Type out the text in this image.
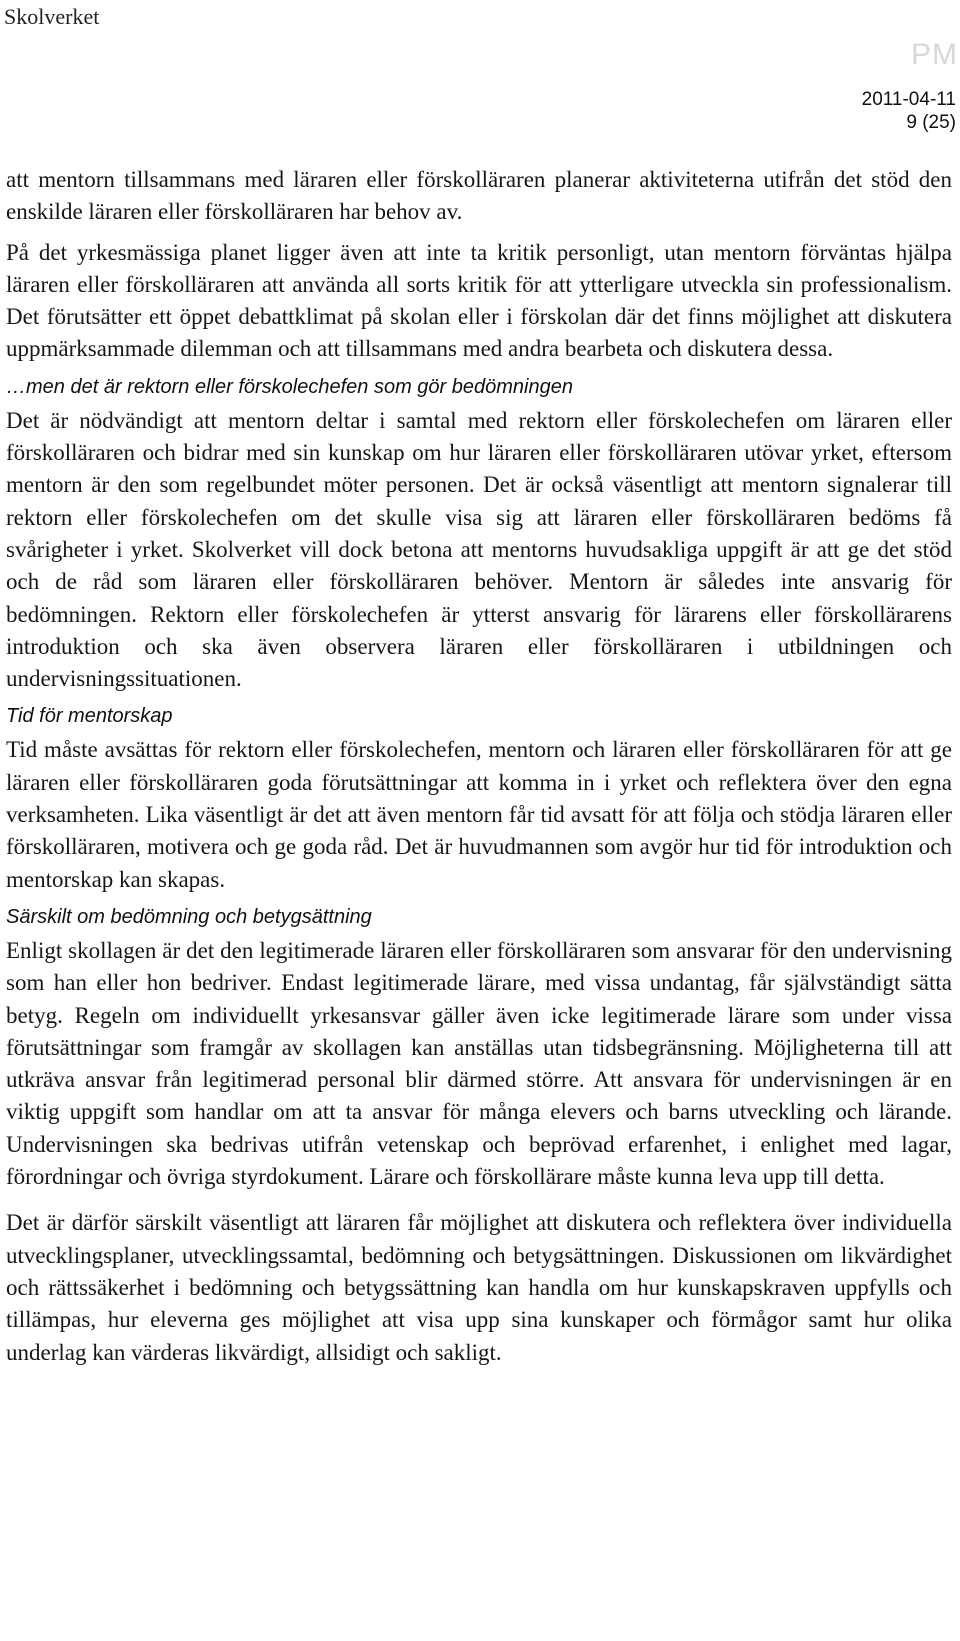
Skolverket
PM
2011-04-11
9 (25)

att mentorn tillsammans med läraren eller förskolläraren planerar aktiviteterna utifrån det stöd den enskilde läraren eller förskolläraren har behov av.

På det yrkesmässiga planet ligger även att inte ta kritik personligt, utan mentorn förväntas hjälpa läraren eller förskolläraren att använda all sorts kritik för att ytterligare utveckla sin professionalism. Det förutsätter ett öppet debattklimat på skolan eller i förskolan där det finns möjlighet att diskutera uppmärksammade dilemman och att tillsammans med andra bearbeta och diskutera dessa.

…men det är rektorn eller förskolechefen som gör bedömningen

Det är nödvändigt att mentorn deltar i samtal med rektorn eller förskolechefen om läraren eller förskolläraren och bidrar med sin kunskap om hur läraren eller förskolläraren utövar yrket, eftersom mentorn är den som regelbundet möter personen. Det är också väsentligt att mentorn signalerar till rektorn eller förskolechefen om det skulle visa sig att läraren eller förskolläraren bedöms få svårigheter i yrket. Skolverket vill dock betona att mentorns huvudsakliga uppgift är att ge det stöd och de råd som läraren eller förskolläraren behöver. Mentorn är således inte ansvarig för bedömningen. Rektorn eller förskolechefen är ytterst ansvarig för lärarens eller förskollärarens introduktion och ska även observera läraren eller förskolläraren i utbildningen och undervisningssituationen.

Tid för mentorskap

Tid måste avsättas för rektorn eller förskolechefen, mentorn och läraren eller förskolläraren för att ge läraren eller förskolläraren goda förutsättningar att komma in i yrket och reflektera över den egna verksamheten. Lika väsentligt är det att även mentorn får tid avsatt för att följa och stödja läraren eller förskolläraren, motivera och ge goda råd. Det är huvudmannen som avgör hur tid för introduktion och mentorskap kan skapas.

Särskilt om bedömning och betygsättning

Enligt skollagen är det den legitimerade läraren eller förskolläraren som ansvarar för den undervisning som han eller hon bedriver. Endast legitimerade lärare, med vissa undantag, får självständigt sätta betyg. Regeln om individuellt yrkesansvar gäller även icke legitimerade lärare som under vissa förutsättningar som framgår av skollagen kan anställas utan tidsbegränsning. Möjligheterna till att utkräva ansvar från legitimerad personal blir därmed större. Att ansvara för undervisningen är en viktig uppgift som handlar om att ta ansvar för många elevers och barns utveckling och lärande. Undervisningen ska bedrivas utifrån vetenskap och beprövad erfarenhet, i enlighet med lagar, förordningar och övriga styrdokument. Lärare och förskollärare måste kunna leva upp till detta.

Det är därför särskilt väsentligt att läraren får möjlighet att diskutera och reflektera över individuella utvecklingsplaner, utvecklingssamtal, bedömning och betygsättningen. Diskussionen om likvärdighet och rättssäkerhet i bedömning och betygssättning kan handla om hur kunskapskraven uppfylls och tillämpas, hur eleverna ges möjlighet att visa upp sina kunskaper och förmågor samt hur olika underlag kan värderas likvärdigt, allsidigt och sakligt.
